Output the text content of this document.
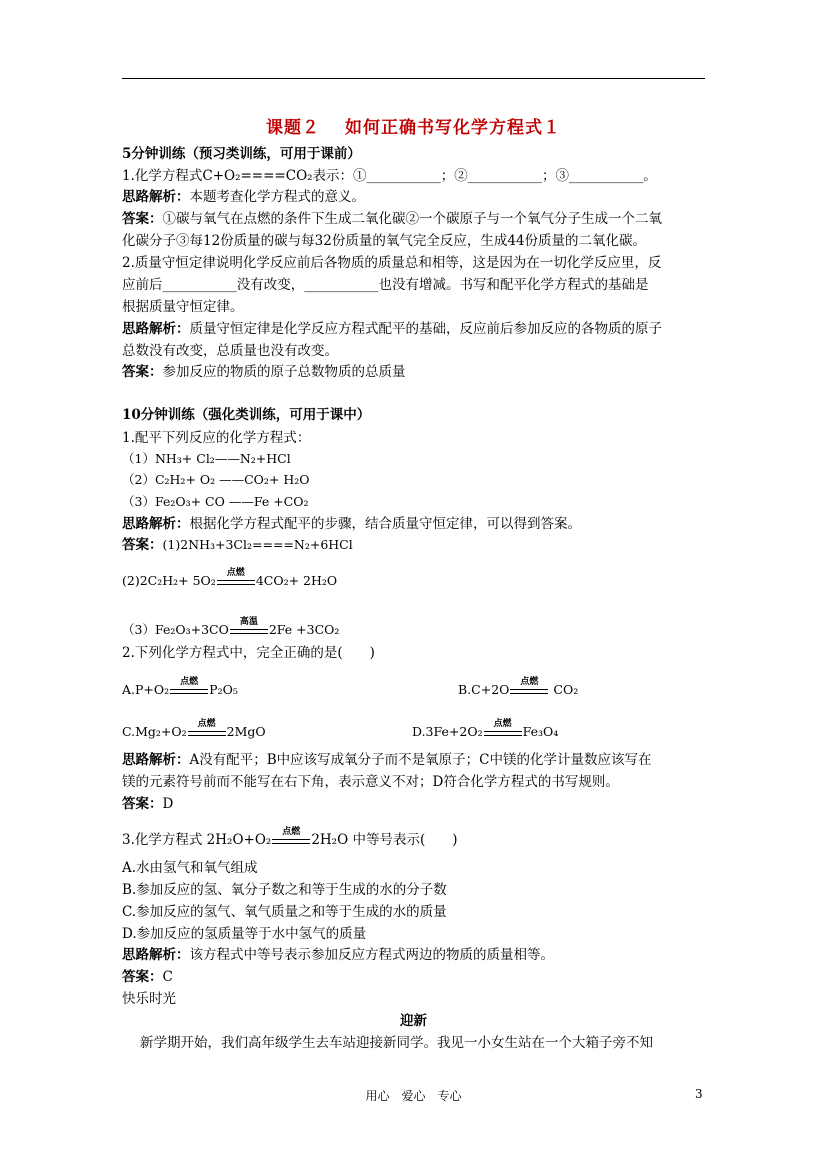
课题２　 如何正确书写化学方程式１
5分钟训练（预习类训练，可用于课前）
1.化学方程式C+O₂====CO₂表示：①___________；②___________；③___________。
思路解析：本题考查化学方程式的意义。
答案：①碳与氧气在点燃的条件下生成二氧化碳②一个碳原子与一个氧气分子生成一个二氧
化碳分子③每12份质量的碳与每32份质量的氧气完全反应，生成44份质量的二氧化碳。
2.质量守恒定律说明化学反应前后各物质的质量总和相等，这是因为在一切化学反应里，反
应前后___________没有改变，___________也没有增减。书写和配平化学方程式的基础是
根据质量守恒定律。
思路解析：质量守恒定律是化学反应方程式配平的基础，反应前后参加反应的各物质的原子
总数没有改变，总质量也没有改变。
答案：参加反应的物质的原子总数物质的总质量
10分钟训练（强化类训练，可用于课中）
1.配平下列反应的化学方程式：
（1）NH₃+ Cl₂——N₂+HCl
（2）C₂H₂+ O₂ ——CO₂+ H₂O
（3）Fe₂O₃+ CO ——Fe +CO₂
思路解析：根据化学方程式配平的步骤，结合质量守恒定律，可以得到答案。
答案：(1)2NH₃+3Cl₂====N₂+6HCl
(2)2C₂H₂+ 5O₂
点燃
4CO₂+ 2H₂O
（3）Fe₂O₃+3CO
高温
2Fe +3CO₂
2.下列化学方程式中，完全正确的是(　　)
A.P+O₂
点燃
P₂O₅	B.C+2O
点燃
CO₂
C.Mg₂+O₂
点燃
2MgO	D.3Fe+2O₂
点燃
Fe₃O₄
思路解析：A没有配平；B中应该写成氧分子而不是氧原子；C中镁的化学计量数应该写在
镁的元素符号前而不能写在右下角，表示意义不对；D符合化学方程式的书写规则。
答案：D
3.化学方程式 2H₂O+O₂
点燃
2H₂O 中等号表示(　　)
A.水由氢气和氧气组成
B.参加反应的氢、氧分子数之和等于生成的水的分子数
C.参加反应的氢气、氧气质量之和等于生成的水的质量
D.参加反应的氢质量等于水中氢气的质量
思路解析：该方程式中等号表示参加反应方程式两边的物质的质量相等。
答案：C
快乐时光
迎新
新学期开始，我们高年级学生去车站迎接新同学。我见一小女生站在一个大箱子旁不知
用心　爱心　专心	3
